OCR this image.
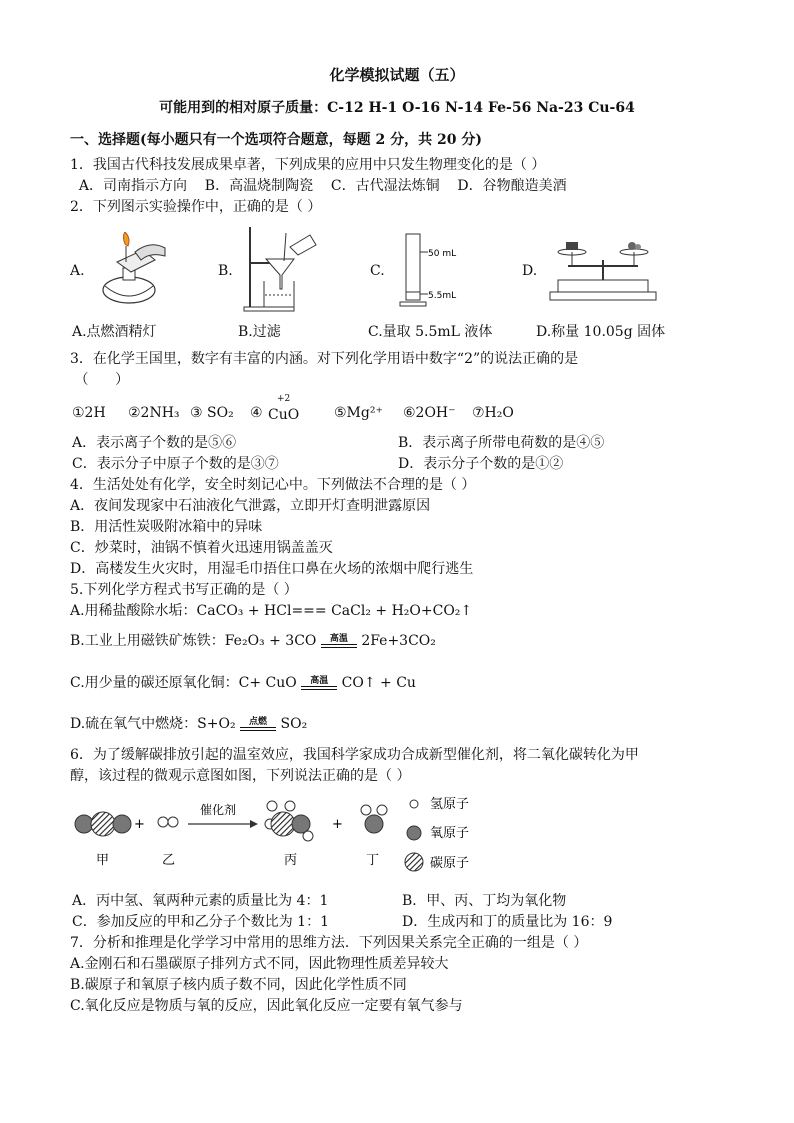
化学模拟试题（五）
可能用到的相对原子质量：C-12 H-1 O-16 N-14 Fe-56 Na-23 Cu-64
一、选择题(每小题只有一个选项符合题意，每题 2 分，共 20 分)
1．我国古代科技发展成果卓著，下列成果的应用中只发生物理变化的是（ ）
A．司南指示方向    B．高温烧制陶瓷    C．古代湿法炼铜    D．谷物酿造美酒
2．下列图示实验操作中，正确的是（ ）
A.	B.	C.	D.
50 mL
5.5mL
A.点燃酒精灯	B.过滤	C.量取 5.5mL 液体	D.称量 10.05g 固体
3．在化学王国里，数字有丰富的内涵。对下列化学用语中数字“2”的说法正确的是
（      ）
①2H ②2NH₃ ③ SO₂ ④ CuO
+2
⑤Mg²⁺ ⑥2OH⁻ ⑦H₂O
A．表示离子个数的是⑤⑥	B．表示离子所带电荷数的是④⑤
C．表示分子中原子个数的是③⑦	D．表示分子个数的是①②
4．生活处处有化学，安全时刻记心中。下列做法不合理的是（ ）
A．夜间发现家中石油液化气泄露，立即开灯查明泄露原因
B．用活性炭吸附冰箱中的异味
C．炒菜时，油锅不慎着火迅速用锅盖盖灭
D．高楼发生火灾时，用湿毛巾捂住口鼻在火场的浓烟中爬行逃生
5.下列化学方程式书写正确的是（ ）
A.用稀盐酸除水垢：CaCO₃ + HCl=== CaCl₂ + H₂O+CO₂↑
B.工业上用磁铁矿炼铁：Fe₂O₃ + 3CO	高温 2Fe+3CO₂
C.用少量的碳还原氧化铜：C+ CuO	高温 CO↑ + Cu
D.硫在氧气中燃烧：S+O₂	点燃 SO₂
6．为了缓解碳排放引起的温室效应，我国科学家成功合成新型催化剂，将二氧化碳转化为甲
醇，该过程的微观示意图如图，下列说法正确的是（ ）
+
催化剂
+
甲	乙	丙	丁
氢原子
氧原子
碳原子
A．丙中氢、氧两种元素的质量比为 4：1	B．甲、丙、丁均为氧化物
C．参加反应的甲和乙分子个数比为 1：1	D．生成丙和丁的质量比为 16：9
7．分析和推理是化学学习中常用的思维方法．下列因果关系完全正确的一组是（ ）
A.金刚石和石墨碳原子排列方式不同，因此物理性质差异较大
B.碳原子和氧原子核内质子数不同，因此化学性质不同
C.氧化反应是物质与氧的反应，因此氧化反应一定要有氧气参与
